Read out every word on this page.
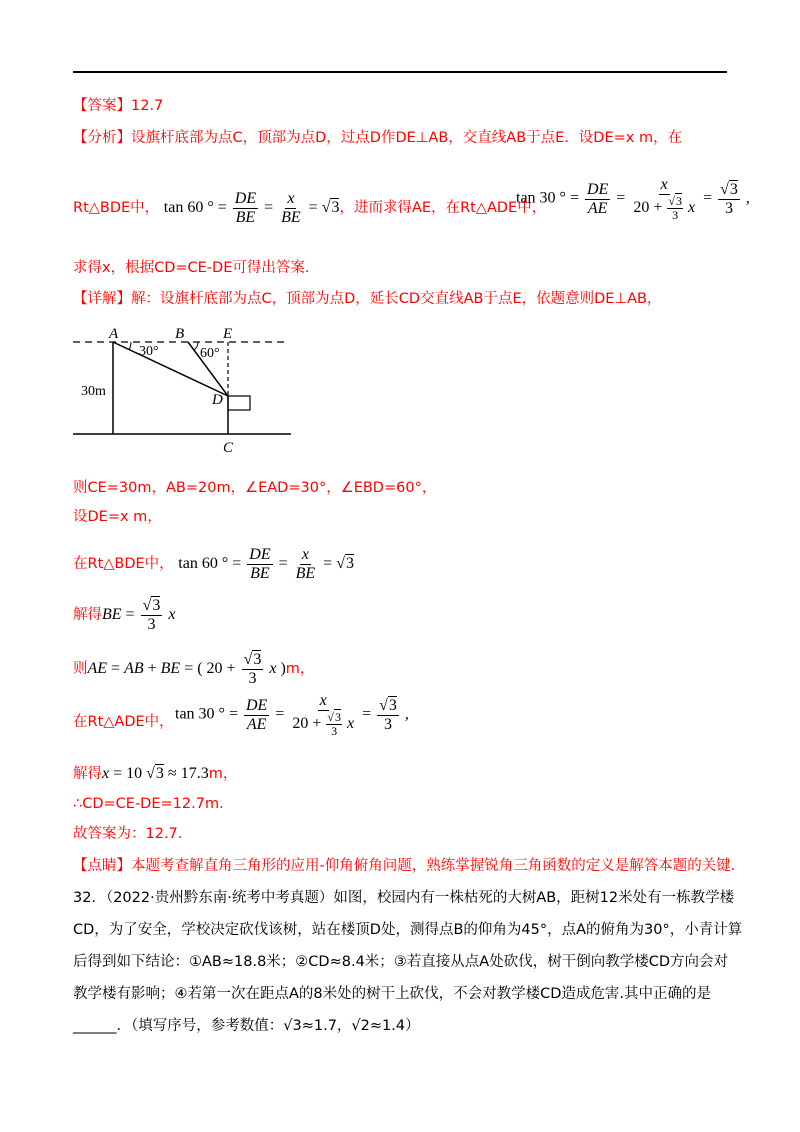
【答案】12.7
【分析】设旗杆底部为点C，顶部为点D，过点D作DE⊥AB，交直线AB于点E．设DE=x m，在
Rt△BDE中， tan 60 ° = $\frac{DE}{BE} = \frac{x}{BE} = √3$，进而求得AE，在Rt△ADE中，
tan 30 ° = $\frac{DE}{AE} = \frac{x}{20 + \frac{√3}{3} x} = \frac{√3}{3}$ ,
求得x，根据CD=CE-DE可得出答案．
【详解】解：设旗杆底部为点C，顶部为点D，延长CD交直线AB于点E，依题意则DE⊥AB，
A	B	E
D
C
30°	60°
30m
则CE=30m，AB=20m，∠EAD=30°，∠EBD=60°，
设DE=x m，
在Rt△BDE中， tan 60 ° = $\frac{DE}{BE} = \frac{x}{BE} = √3$
解得BE = $\frac{√3}{3}$ x
则AE = AB + BE = ( $20 + \frac{√3}{3}$ x )m，
在Rt△ADE中， tan 30 ° = $\frac{DE}{AE} = \frac{x}{20 + \frac{√3}{3} x} = \frac{√3}{3}$ ,
解得x = 10 √3 ≈ 17.3m，
∴CD=CE-DE=12.7m．
故答案为：12.7．
【点睛】本题考查解直角三角形的应用-仰角俯角问题，熟练掌握锐角三角函数的定义是解答本题的关键．
32．（2022·贵州黔东南·统考中考真题）如图，校园内有一株枯死的大树AB，距树12米处有一栋教学楼
CD，为了安全，学校决定砍伐该树，站在楼顶D处，测得点B的仰角为45°，点A的俯角为30°，小青计算
后得到如下结论：①AB≈18.8米；②CD≈8.4米；③若直接从点A处砍伐，树干倒向教学楼CD方向会对
教学楼有影响；④若第一次在距点A的8米处的树干上砍伐，不会对教学楼CD造成危害.其中正确的是
______．（填写序号，参考数值：√3≈1.7，√2≈1.4）
